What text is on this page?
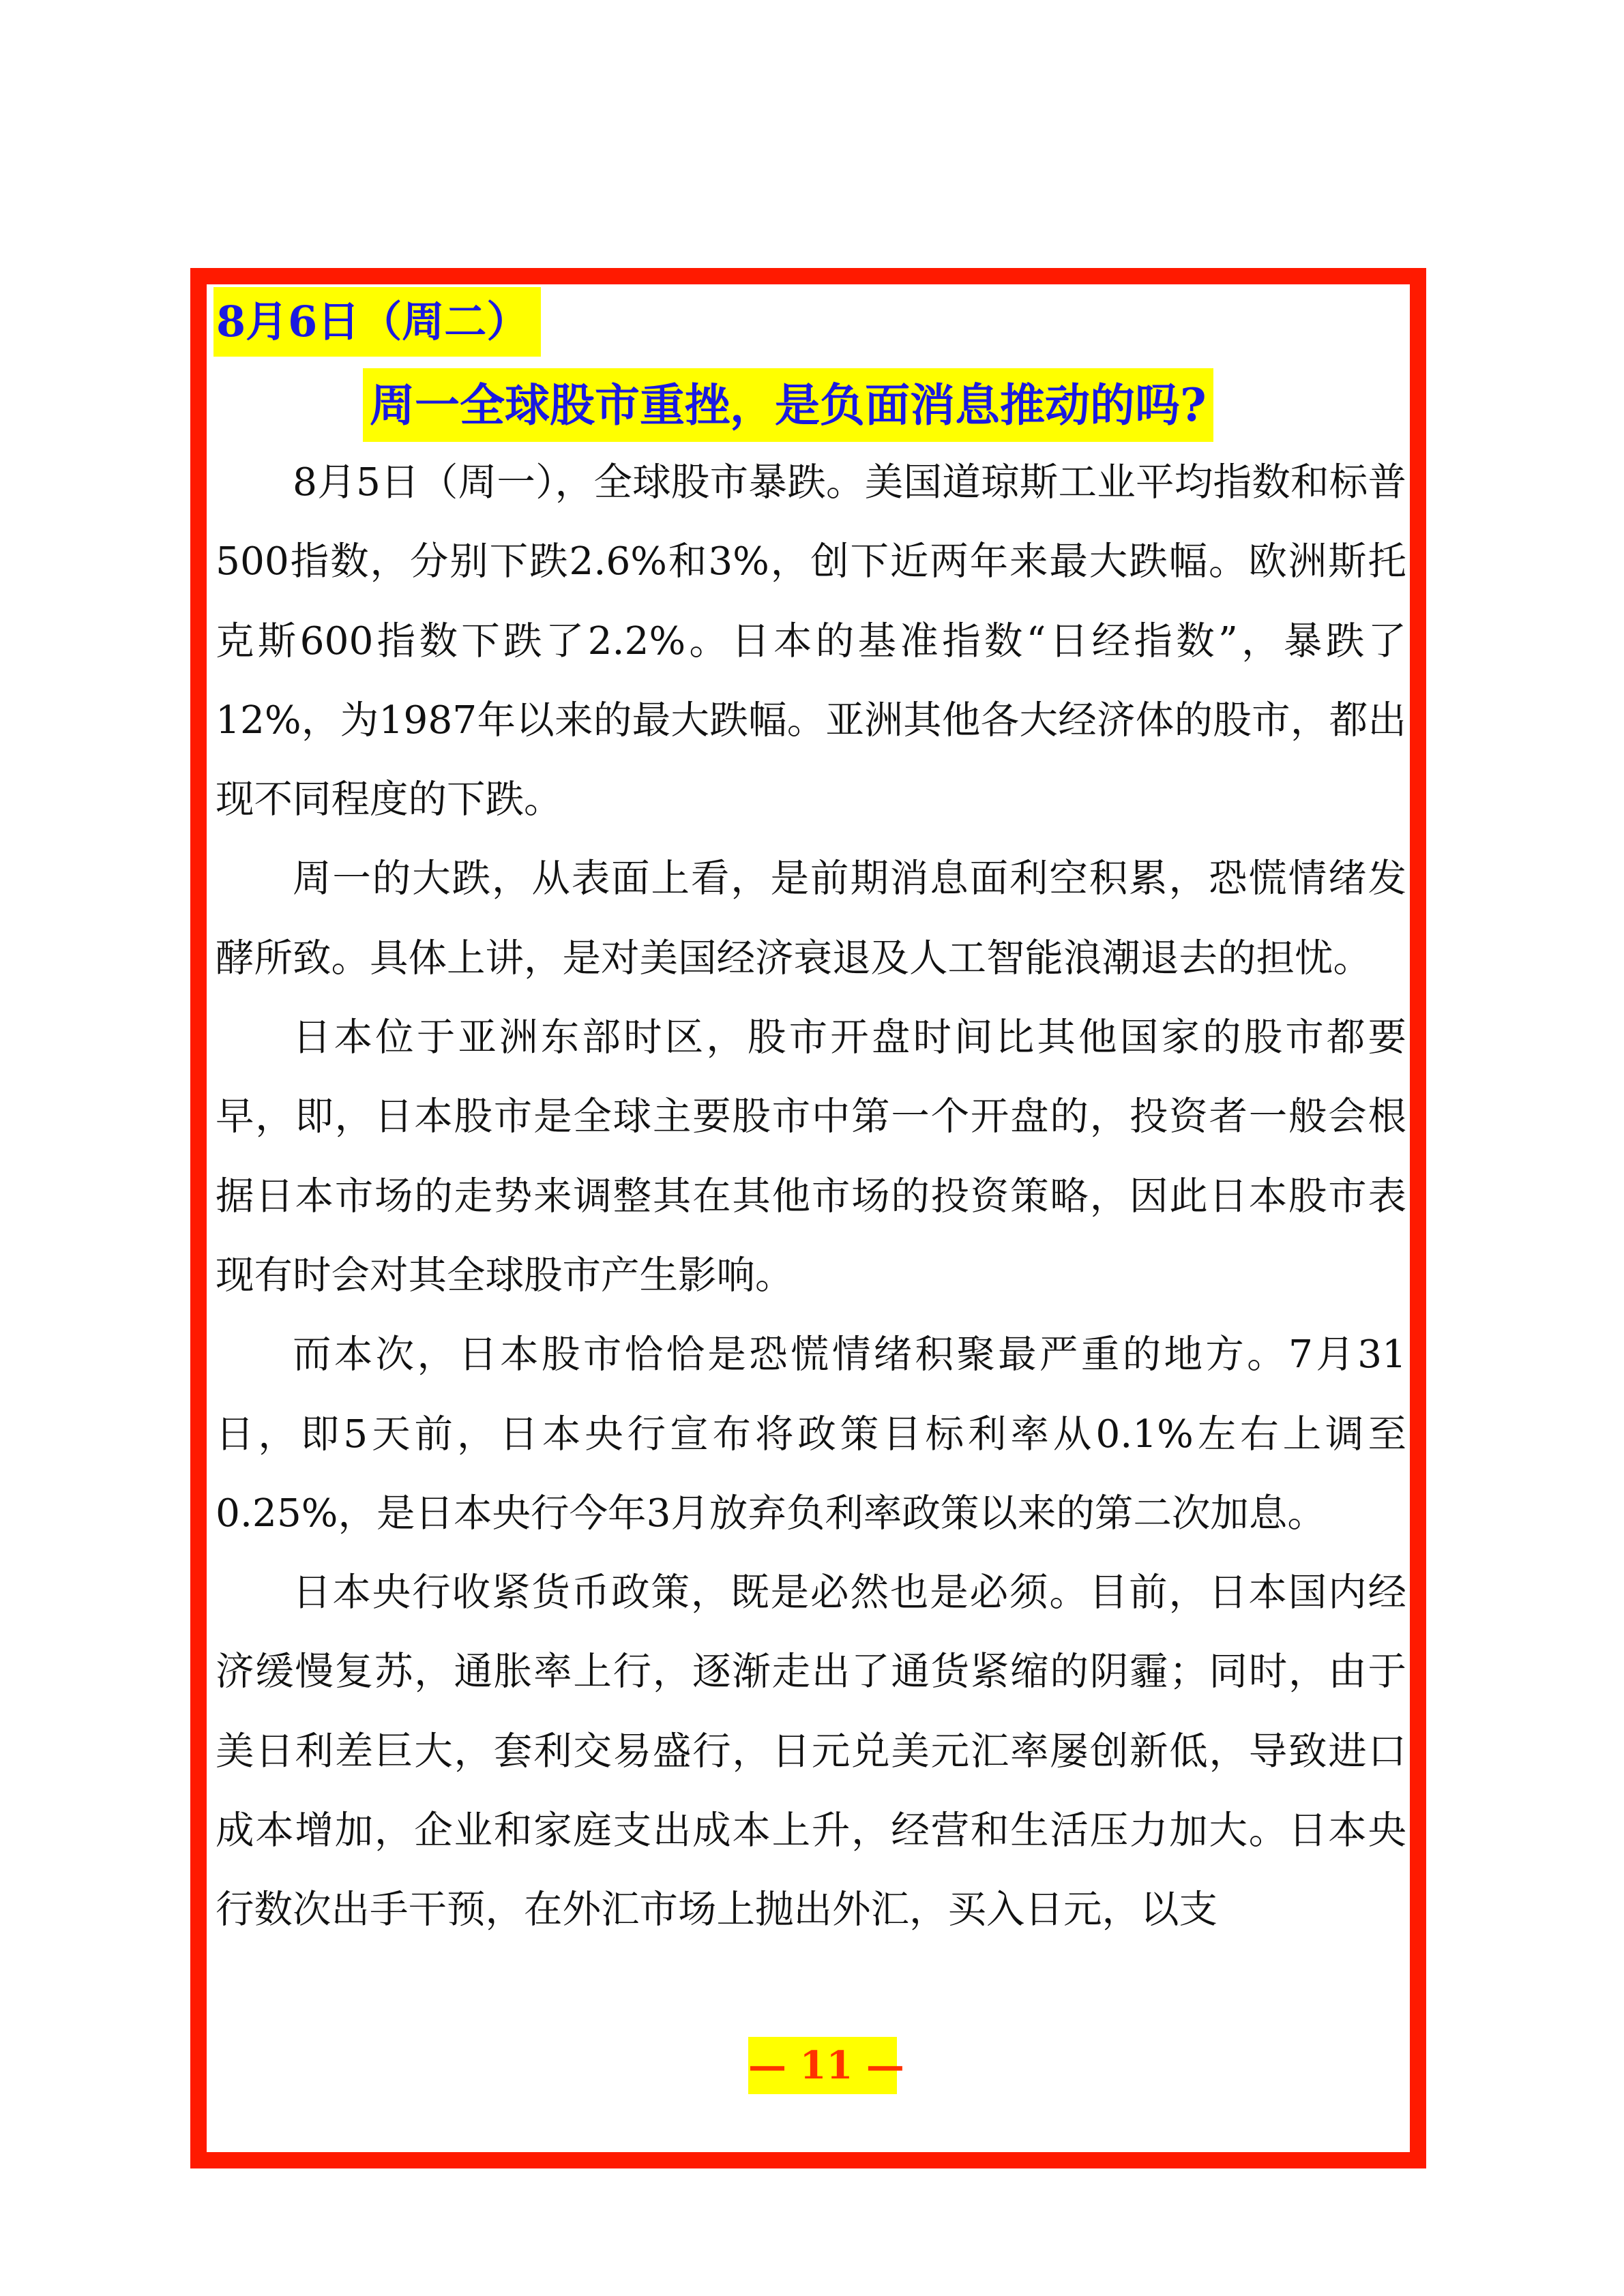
8月6日（周二）
周一全球股市重挫，是负面消息推动的吗?

8月5日（周一），全球股市暴跌。美国道琼斯工业平均指数和标普500指数，分别下跌2.6%和3%，创下近两年来最大跌幅。欧洲斯托克斯600指数下跌了2.2%。日本的基准指数“日经指数”，暴跌了12%，为1987年以来的最大跌幅。亚洲其他各大经济体的股市，都出现不同程度的下跌。

周一的大跌，从表面上看，是前期消息面利空积累，恐慌情绪发酵所致。具体上讲，是对美国经济衰退及人工智能浪潮退去的担忧。

日本位于亚洲东部时区，股市开盘时间比其他国家的股市都要早，即，日本股市是全球主要股市中第一个开盘的，投资者一般会根据日本市场的走势来调整其在其他市场的投资策略，因此日本股市表现有时会对其全球股市产生影响。

而本次，日本股市恰恰是恐慌情绪积聚最严重的地方。7月31日，即5天前，日本央行宣布将政策目标利率从0.1%左右上调至0.25%，是日本央行今年3月放弃负利率政策以来的第二次加息。

日本央行收紧货币政策，既是必然也是必须。目前，日本国内经济缓慢复苏，通胀率上行，逐渐走出了通货紧缩的阴霾；同时，由于美日利差巨大，套利交易盛行，日元兑美元汇率屡创新低，导致进口成本增加，企业和家庭支出成本上升，经营和生活压力加大。日本央行数次出手干预，在外汇市场上抛出外汇，买入日元，以支

— 11 —
